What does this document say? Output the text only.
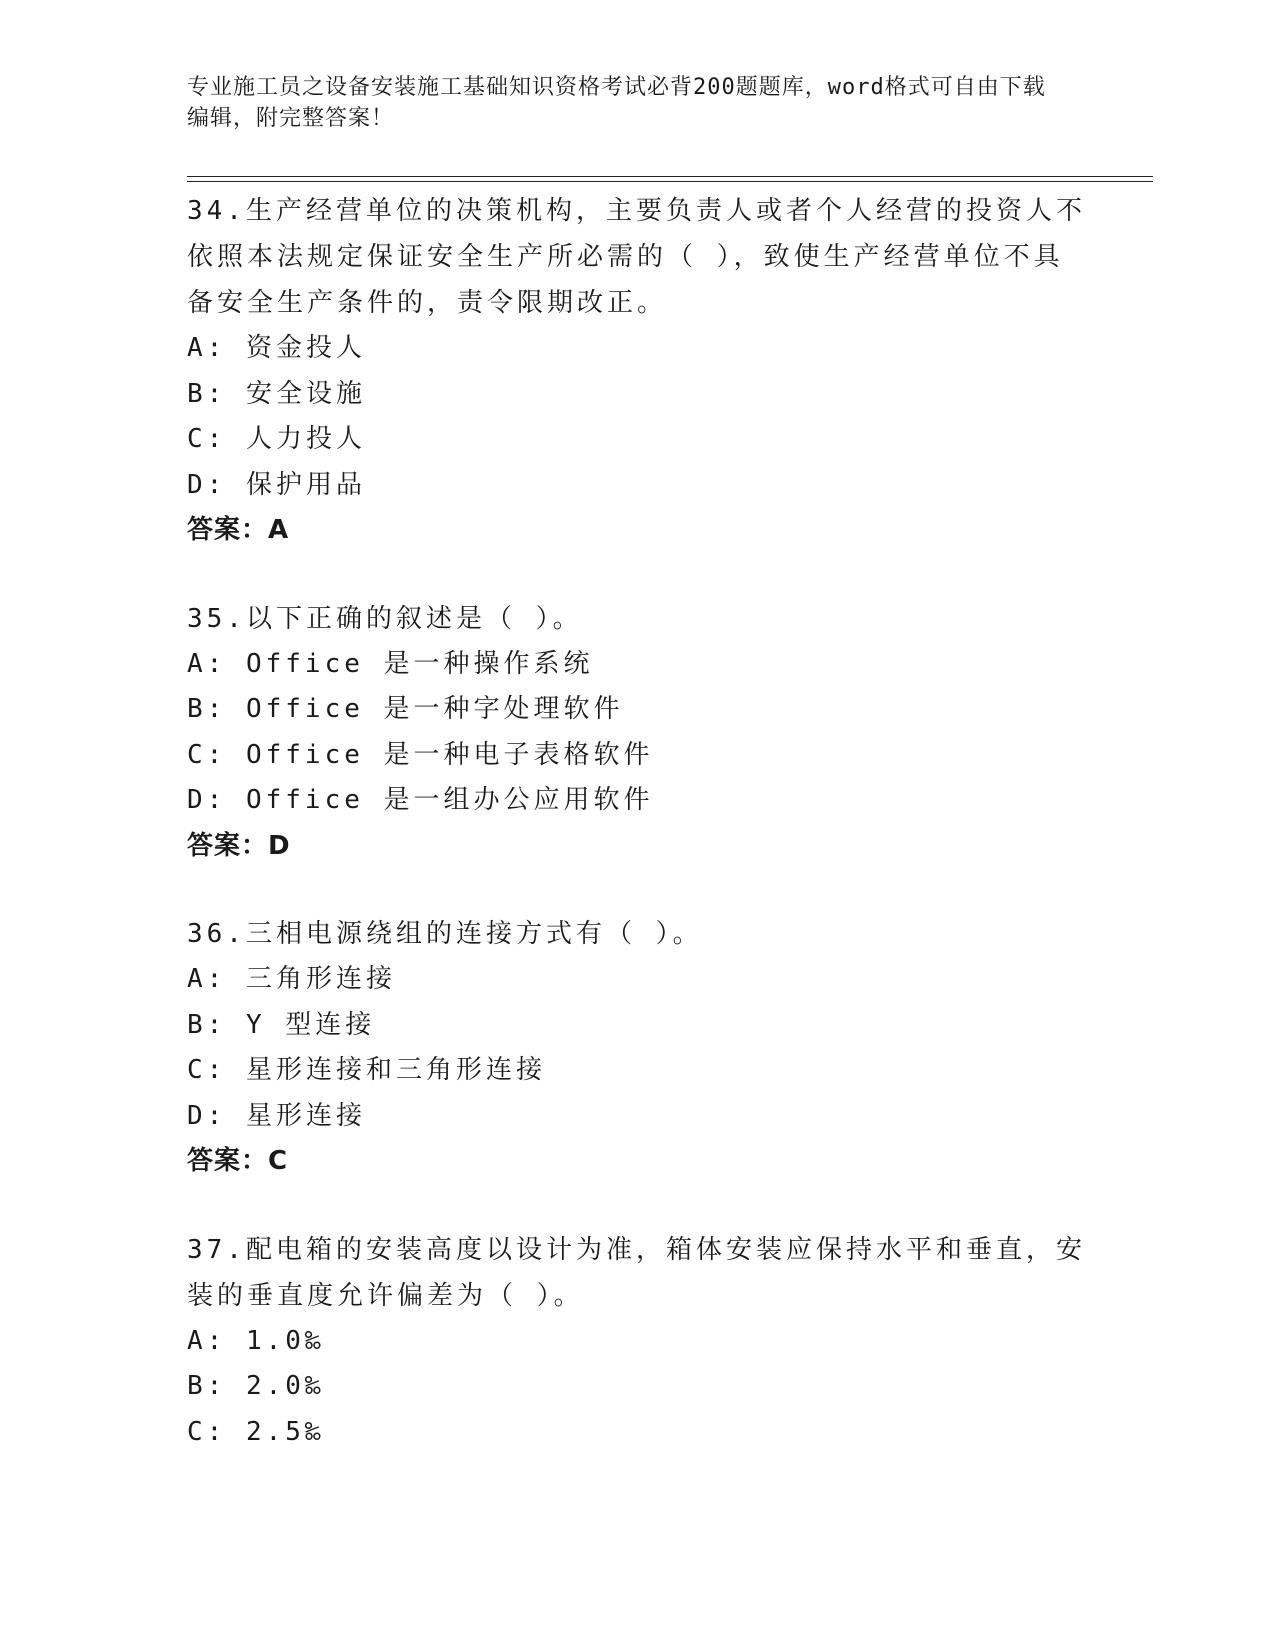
专业施工员之设备安装施工基础知识资格考试必背200题题库，word格式可自由下载编辑，附完整答案！
34.生产经营单位的决策机构，主要负责人或者个人经营的投资人不依照本法规定保证安全生产所必需的（ ），致使生产经营单位不具备安全生产条件的，责令限期改正。
A: 资金投人
B: 安全设施
C: 人力投人
D: 保护用品
答案：A
35.以下正确的叙述是（ ）。
A: Office 是一种操作系统
B: Office 是一种字处理软件
C: Office 是一种电子表格软件
D: Office 是一组办公应用软件
答案：D
36.三相电源绕组的连接方式有（ ）。
A: 三角形连接
B: Y 型连接
C: 星形连接和三角形连接
D: 星形连接
答案：C
37.配电箱的安装高度以设计为准，箱体安装应保持水平和垂直，安装的垂直度允许偏差为（ ）。
A: 1.0‰
B: 2.0‰
C: 2.5‰
